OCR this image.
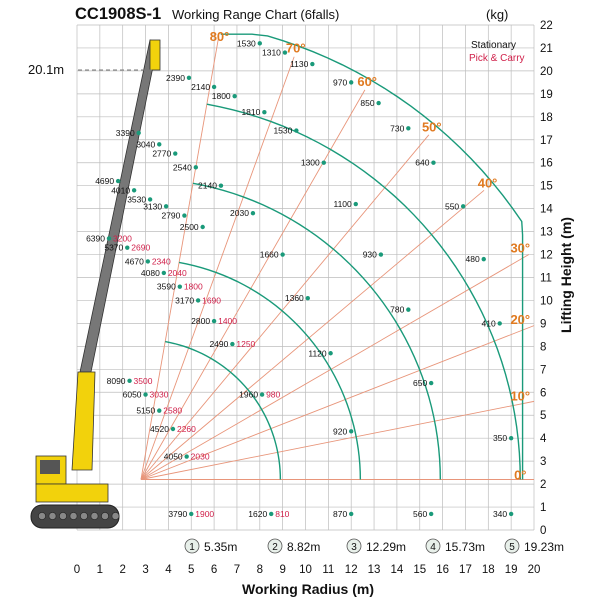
340
350
410
480
550
640
730
850
970
1130
1310
1530
560
650
780
930
1100
1300
1530
1810
1800
2140
2390
870
920
1120
1360
1660
2030
2140
2540
2770
3040
3390
1620 810
1960 980
2490 1250
2800 1400
3170 1690
3590 1800
4080 2040
4670 2340
5370 2690
6390 3200
3790 1900
4050 2030
4520 2260
5150 2580
6050 3030
8090 3500
2500
2790
3130
3530
4010
4690
0 1 2 3 4 5 6 7 8 9 10 11 12 13 14 15 16 17 18 19 20
0
1
2
3
4
5
6
7
8
9
10
11
12
13
14
15
16
17
18
19
20
21
22
0°
10°
20°
30°
40°
50°
60°
70°
80°
1 5.35m	2 8.82m	3 12.29m 4 15.73m 5 19.23m
CC1908S-1 Working Range Chart (6falls)	(kg)
Stationary
Pick & Carry
20.1m
Working Radius (m)
Lifting Height (m)
